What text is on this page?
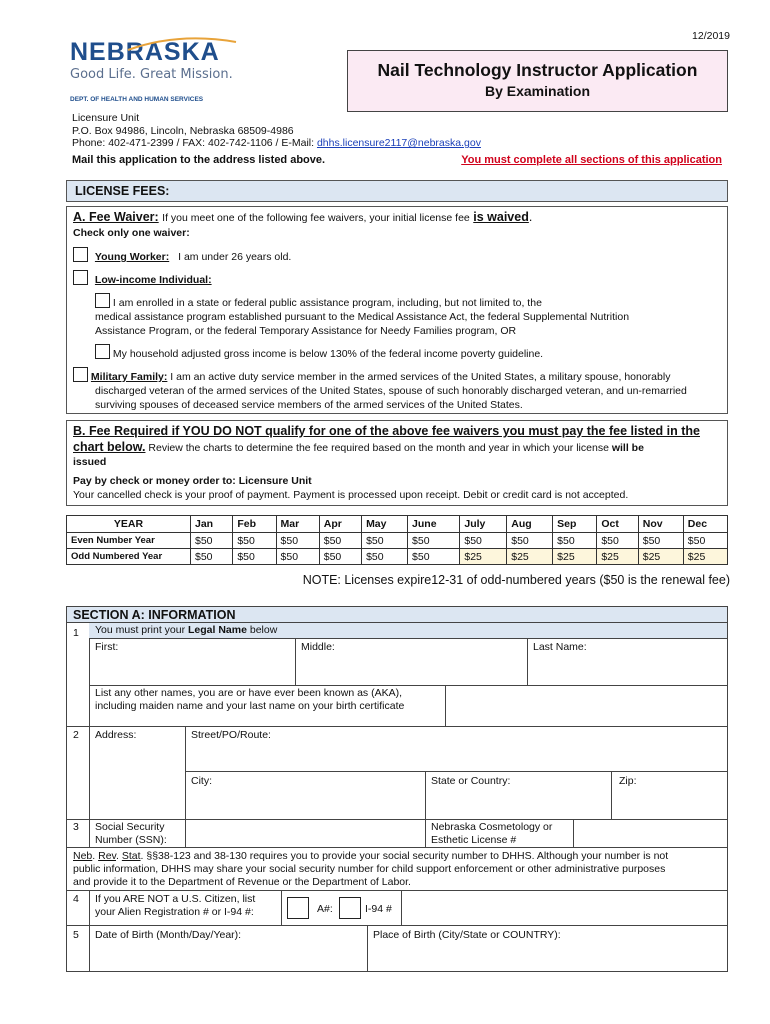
12/2019
NEBRASKA
Good Life. Great Mission.
DEPT. OF HEALTH AND HUMAN SERVICES
Nail Technology Instructor Application
By Examination
Licensure Unit
P.O. Box 94986, Lincoln, Nebraska 68509-4986
Phone: 402-471-2399 / FAX: 402-742-1106 / E-Mail: dhhs.licensure2117@nebraska.gov
Mail this application to the address listed above.	You must complete all sections of this application
LICENSE FEES:
A. Fee Waiver: If you meet one of the following fee waivers, your initial license fee is waived.
Check only one waiver:
Young Worker: I am under 26 years old.
Low-income Individual:
I am enrolled in a state or federal public assistance program, including, but not limited to, the
medical assistance program established pursuant to the Medical Assistance Act, the federal Supplemental Nutrition
Assistance Program, or the federal Temporary Assistance for Needy Families program, OR
My household adjusted gross income is below 130% of the federal income poverty guideline.
Military Family: I am an active duty service member in the armed services of the United States, a military spouse, honorably
discharged veteran of the armed services of the United States, spouse of such honorably discharged veteran, and un-remarried
surviving spouses of deceased service members of the armed services of the United States.
B. Fee Required if YOU DO NOT qualify for one of the above fee waivers you must pay the fee listed in the
chart below. Review the charts to determine the fee required based on the month and year in which your license will be
issued
Pay by check or money order to: Licensure Unit
Your cancelled check is your proof of payment. Payment is processed upon receipt. Debit or credit card is not accepted.
YEAR	Jan	Feb	Mar	Apr	May	June	July	Aug	Sep	Oct	Nov	Dec
Even Number Year	$50	$50	$50	$50	$50	$50	$50	$50	$50	$50	$50	$50
Odd Numbered Year	$50	$50	$50	$50	$50	$50	$25	$25	$25	$25	$25	$25
NOTE: Licenses expire12-31 of odd-numbered years ($50 is the renewal fee)
SECTION A: INFORMATION
1	You must print your Legal Name below
First:	Middle:	Last Name:
List any other names, you are or have ever been known as (AKA),
including maiden name and your last name on your birth certificate
2 Address:	Street/PO/Route:
City:	State or Country:	Zip:
3 Social Security
Number (SSN):
Nebraska Cosmetology or
Esthetic License #
Neb. Rev. Stat. §§38-123 and 38-130 requires you to provide your social security number to DHHS. Although your number is not
public information, DHHS may share your social security number for child support enforcement or other administrative purposes
and provide it to the Department of Revenue or the Department of Labor.
4 If you ARE NOT a U.S. Citizen, list
your Alien Registration # or I-94 #:	A#:	I-94 #
5 Date of Birth (Month/Day/Year):	Place of Birth (City/State or COUNTRY):
